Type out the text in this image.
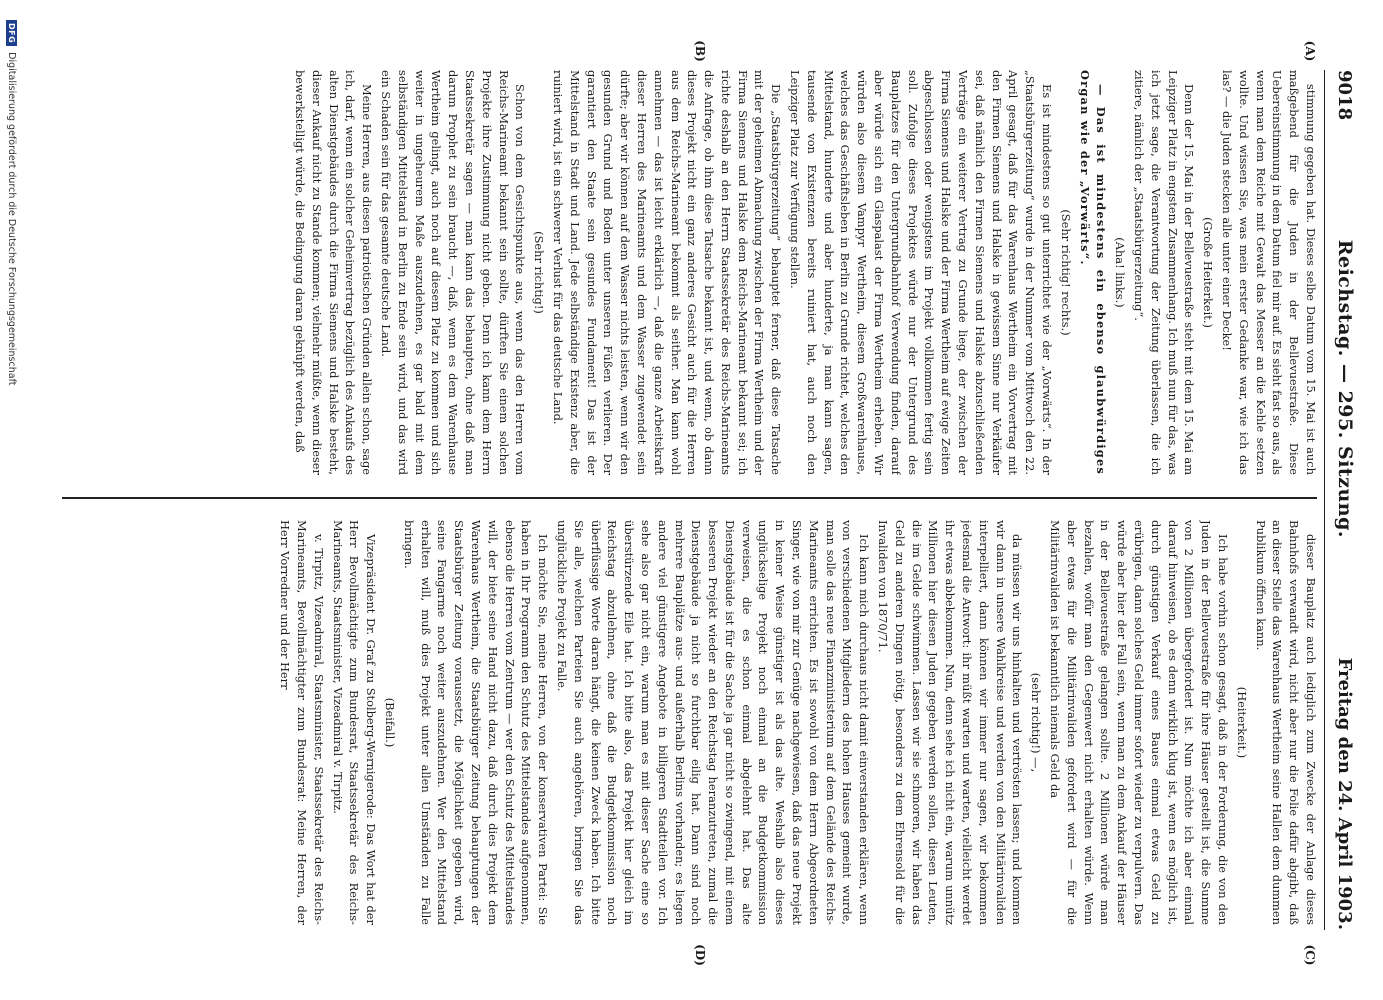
9018
Reichstag. — 295. Sitzung.
Freitag den 24. April 1903.
(A)
(B)
(C)
(D)

stimmung gegeben hat. Dieses selbe Datum vom 15. Mai ist auch maßgebend für die Juden in der Bellevuestraße. Diese Uebereinstimmung in dem Datum fiel mir auf. Es sieht fast so aus, als wenn man dem Reiche mit Gewalt das Messer an die Kehle setzen wollte. Und wissen Sie, was mein erster Gedanke war, wie ich das las? — die Juden stecken alle unter einer Decke!

(Große Heiterkeit.)

Denn der 15. Mai in der Bellevuestraße steht mit dem 15. Mai am Leipziger Platz in engstem Zusammenhang. Ich muß nun für das, was ich jetzt sage, die Verantwortung der Zeitung überlassen, die ich zitiere, nämlich der „Staatsbürgerzeitung“.

(Aha! links.)

— Das ist mindestens ein ebenso glaubwürdiges Organ wie der „Vorwärts“.

(Sehr richtig! rechts.)

Es ist mindestens so gut unterrichtet wie der „Vorwärts“. In der „Staatsbürgerzeitung“ wurde in der Nummer vom Mittwoch den 22. April gesagt, daß für das Warenhaus Wertheim ein Vorvertrag mit den Firmen Siemens und Halske in gewissem Sinne nur Verkäufer sei, daß nämlich den Firmen Siemens und Halske abzuschließenden Verträge ein weiterer Vertrag zu Grunde liege, der zwischen der Firma Siemens und Halske und der Firma Wertheim auf ewige Zeiten abgeschlossen oder wenigstens im Projekt vollkommen fertig sein soll. Zufolge dieses Projektes würde nur der Untergrund des Bauplatzes für den Untergrundbahnhof Verwendung finden, darauf aber würde sich ein Glaspalast der Firma Wertheim erheben. Wir würden also diesem Vampyr Wertheim, diesem Großwarenhause, welches das Geschäftsleben in Berlin zu Grunde richtet, welches den Mittelstand, hunderte und aber hunderte, ja man kann sagen, tausende von Existenzen bereits ruiniert hat, auch noch den Leipziger Platz zur Verfügung stellen.

Die „Staatsbürgerzeitung“ behauptet ferner, daß diese Tatsache mit der geheimen Abmachung zwischen der Firma Wertheim und der Firma Siemens und Halske dem Reichs-Marineamt bekannt sei; ich richte deshalb an den Herrn Staatssekretär des Reichs-Marineamts die Anfrage, ob ihm diese Tatsache bekannt ist, und wenn, ob dann dieses Projekt nicht ein ganz anderes Gesicht auch für die Herren aus dem Reichs-Marineamt bekommt als seither. Man kann wohl annehmen — das ist leicht erklärlich —, daß die ganze Arbeitskraft dieser Herren des Marineamts und dem Wasser zugewendet sein dürfte; aber wir können auf dem Wasser nichts leisten, wenn wir den gesunden Grund und Boden unter unseren Füßen verlieren. Der garantiert den Staate sein gesundes Fundament! Das ist der Mittelstand in Stadt und Land. Jede selbständige Existenz aber, die ruiniert wird, ist ein schwerer Verlust für das deutsche Land.

(Sehr richtig!)

Schon von dem Gesichtspunkte aus, wenn das den Herren vom Reichs-Marineamt bekannt sein sollte, dürften Sie einem solchen Projekte ihre Zustimmung nicht geben. Denn ich kann dem Herrn Staatssekretär sagen — man kann das behaupten, ohne daß man darum Prophet zu sein braucht —, daß, wenn es dem Warenhause Wertheim gelingt, auch noch auf diesem Platz zu kommen und sich weiter in ungeheurem Maße auszudehnen, es gar bald mit dem selbständigen Mittelstand in Berlin zu Ende sein wird, und das wird ein Schaden sein für das gesamte deutsche Land.

Meine Herren, aus diesen patriotischen Gründen allein schon, sage ich, darf, wenn ein solcher Geheimvertrag bezüglich des Ankaufs des alten Dienstgebäudes durch die Firma Siemens und Halske besteht, dieser Ankauf nicht zu Stande kommen; vielmehr müßte, wenn dieser bewerkstelligt würde, die Bedingung daran geknüpft werden, daß

dieser Bauplatz auch lediglich zum Zwecke der Anlage dieses Bahnhofs verwandt wird, nicht aber nur die Folie dafür abgibt, daß an dieser Stelle das Warenhaus Wertheim seine Hallen dem dummen Publikum öffnen kann.

(Heiterkeit.)

Ich habe vorhin schon gesagt, daß in der Forderung, die von den Juden in der Bellevuestraße für ihre Häuser gestellt ist, die Summe von 2 Millionen übergefordert ist. Nun möchte ich aber einmal darauf hinweisen, ob es denn wirklich klug ist, wenn es möglich ist, durch günstigen Verkauf eines Baues einmal etwas Geld zu erübrigen, dann solches Geld immer sofort wieder zu verpulvern. Das würde aber hier der Fall sein, wenn man zu dem Ankauf der Häuser in der Bellevuestraße gelangen sollte. 2 Millionen würde man bezahlen, wofür man den Gegenwert nicht erhalten würde. Wenn aber etwas für die Militärinvaliden gefordert wird — für die Militärinvaliden ist bekanntlich niemals Geld da

(sehr richtig!) —,

da müssen wir uns hinhalten und vertrösten lassen; und kommen wir dann in unsere Wahlkreise und werden von den Militärinvaliden interpelliert, dann können wir immer nur sagen, wir bekommen jedesmal die Antwort: ihr müßt warten und warten, vielleicht werdet ihr etwas abbekommen. Nun, denn sehe ich nicht ein, warum unnütz Millionen hier diesen Juden gegeben werden sollen, diesen Leuten, die im Gelde schwimmen. Lassen wir sie schmoren, wir haben das Geld zu anderen Dingen nötig, besonders zu dem Ehrensold für die Invaliden von 1870/71.

Ich kann mich durchaus nicht damit einverstanden erklären, wenn von verschiedenen Mitgliedern des hohen Hauses gemeint wurde, man solle das neue Finanzministerium auf dem Gelände des Reichs-Marineamts errichten. Es ist sowohl von dem Herrn Abgeordneten Singer, wie von mir zur Genüge nachgewiesen, daß das neue Projekt in keiner Weise günstiger ist als das alte. Weshalb also dieses unglückselige Projekt noch einmal an die Budgetkommission verweisen, die es schon einmal abgelehnt hat. Das alte Dienstgebäude ist für die Sache ja gar nicht so zwingend, mit einem besseren Projekt wieder an den Reichstag heranzutreten, zumal die Dienstgebäude ja nicht so furchtbar eilig hat. Dann sind noch mehrere Bauplätze aus- und außerhalb Berlins vorhanden; es liegen andere viel günstigere Angebote in billigeren Stadtteilen vor. Ich sehe also gar nicht ein, warum man es mit dieser Sache eine so überstürzende Eile hat. Ich bitte also, das Projekt hier gleich im Reichstag abzulehnen, ohne daß die Budgetkommission noch überflüssige Worte daran hängt, die keinen Zweck haben. Ich bitte Sie alle, welchen Parteien Sie auch angehören, bringen Sie das unglückliche Projekt zu Falle.

Ich möchte Sie, meine Herren, von der konservativen Partei: Sie haben in Ihr Programm den Schutz des Mittelstandes aufgenommen, ebenso die Herren vom Zentrum — wer den Schutz des Mittelstandes will, der biete seine Hand nicht dazu, daß durch dies Projekt dem Warenhaus Wertheim, die Staatsbürger Zeitung behauptungen der Staatsbürger Zeitung voraussetzt, die Möglichkeit gegeben wird, seine Fangarme noch weiter auszudehnen. Wer den Mittelstand erhalten will, muß dies Projekt unter allen Umständen zu Falle bringen.

(Beifall.)

Vizepräsident Dr. Graf zu Stolberg-Wernigerode: Das Wort hat der Herr Bevollmächtigte zum Bundesrat, Staatssekretär des Reichs-Marineamts, Staatsminister, Vizeadmiral v. Tirpitz.

v. Tirpitz, Vizeadmiral, Staatsminister, Staatssekretär des Reichs-Marineamts, Bevollmächtigter zum Bundesrat: Meine Herren, der Herr Vorredner und der Herr

DFG
Digitalisierung gefördert durch die Deutsche Forschungsgemeinschaft
